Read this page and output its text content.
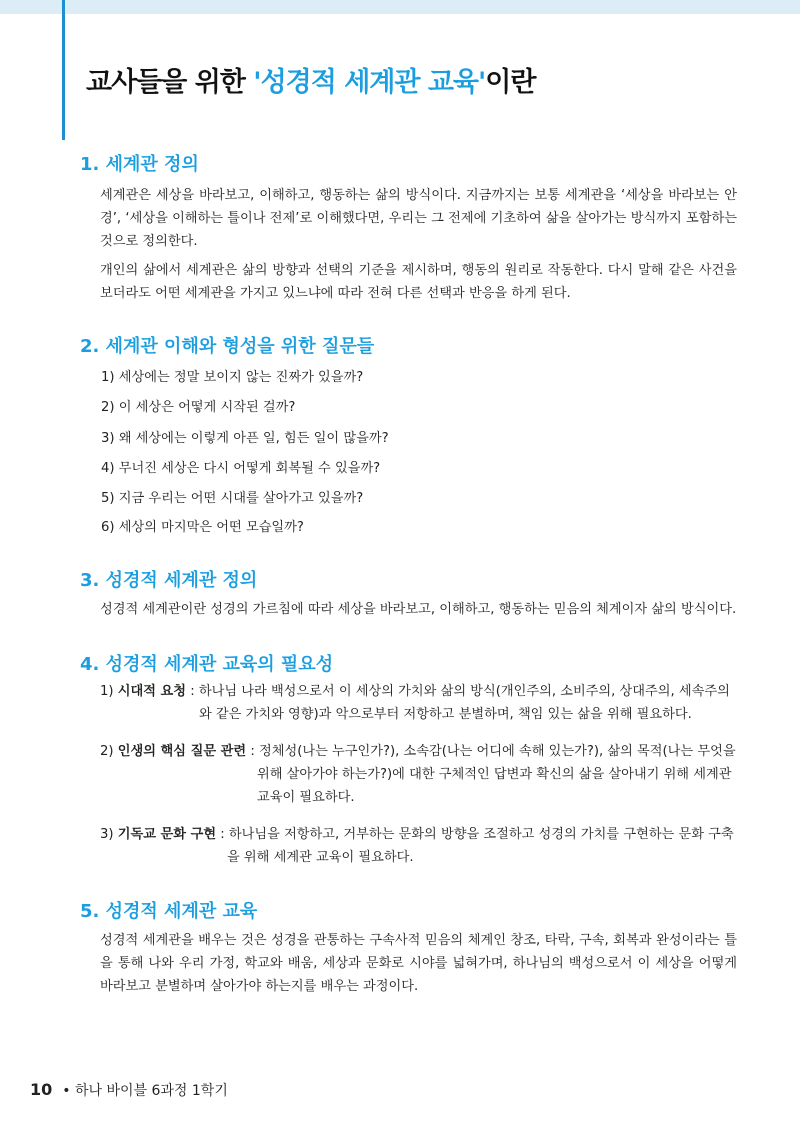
교사들을 위한 '성경적 세계관 교육'이란
1. 세계관 정의

세계관은 세상을 바라보고, 이해하고, 행동하는 삶의 방식이다. 지금까지는 보통 세계관을 ‘세상을 바라보는 안경’, ‘세상을 이해하는 틀이나 전제’로 이해했다면, 우리는 그 전제에 기초하여 삶을 살아가는 방식까지 포함하는 것으로 정의한다.

개인의 삶에서 세계관은 삶의 방향과 선택의 기준을 제시하며, 행동의 원리로 작동한다. 다시 말해 같은 사건을 보더라도 어떤 세계관을 가지고 있느냐에 따라 전혀 다른 선택과 반응을 하게 된다.

2. 세계관 이해와 형성을 위한 질문들

1) 세상에는 정말 보이지 않는 진짜가 있을까?

2) 이 세상은 어떻게 시작된 걸까?

3) 왜 세상에는 이렇게 아픈 일, 힘든 일이 많을까?

4) 무너진 세상은 다시 어떻게 회복될 수 있을까?

5) 지금 우리는 어떤 시대를 살아가고 있을까?

6) 세상의 마지막은 어떤 모습일까?

3. 성경적 세계관 정의

성경적 세계관이란 성경의 가르침에 따라 세상을 바라보고, 이해하고, 행동하는 믿음의 체계이자 삶의 방식이다.

4. 성경적 세계관 교육의 필요성
1) 시대적 요청 : 하나님 나라 백성으로서 이 세상의 가치와 삶의 방식(개인주의, 소비주의, 상대주의, 세속주의
와 같은 가치와 영향)과 악으로부터 저항하고 분별하며, 책임 있는 삶을 위해 필요하다.
2) 인생의 핵심 질문 관련 : 정체성(나는 누구인가?), 소속감(나는 어디에 속해 있는가?), 삶의 목적(나는 무엇을
위해 살아가야 하는가?)에 대한 구체적인 답변과 확신의 삶을 살아내기 위해 세계관
교육이 필요하다.
3) 기독교 문화 구현 : 하나님을 저항하고, 거부하는 문화의 방향을 조절하고 성경의 가치를 구현하는 문화 구축
을 위해 세계관 교육이 필요하다.
5. 성경적 세계관 교육

성경적 세계관을 배우는 것은 성경을 관통하는 구속사적 믿음의 체계인 창조, 타락, 구속, 회복과 완성이라는 틀을 통해 나와 우리 가정, 학교와 배움, 세상과 문화로 시야를 넓혀가며, 하나님의 백성으로서 이 세상을 어떻게 바라보고 분별하며 살아가야 하는지를 배우는 과정이다.

10 • 하나 바이블 6과정 1학기
